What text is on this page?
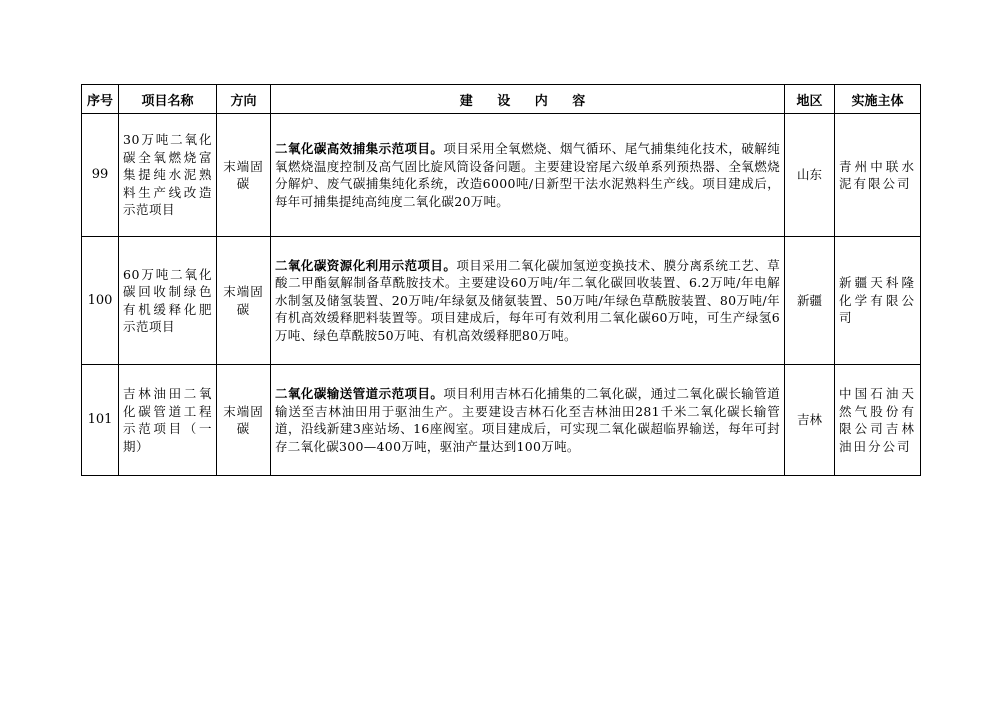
序号	项目名称	方向	建 设 内 容	地区	实施主体
99	30万吨二氧化碳全氧燃烧富集提纯水泥熟料生产线改造示范项目	末端固碳	二氧化碳高效捕集示范项目。项目采用全氧燃烧、烟气循环、尾气捕集纯化技术，破解纯氧燃烧温度控制及高气固比旋风筒设备问题。主要建设窑尾六级单系列预热器、全氧燃烧分解炉、废气碳捕集纯化系统，改造6000吨/日新型干法水泥熟料生产线。项目建成后，每年可捕集提纯高纯度二氧化碳20万吨。	山东	青州中联水泥有限公司
100	60万吨二氧化碳回收制绿色有机缓释化肥示范项目	末端固碳	二氧化碳资源化利用示范项目。项目采用二氧化碳加氢逆变换技术、膜分离系统工艺、草酸二甲酯氨解制备草酰胺技术。主要建设60万吨/年二氧化碳回收装置、6.2万吨/年电解水制氢及储氢装置、20万吨/年绿氨及储氨装置、50万吨/年绿色草酰胺装置、80万吨/年有机高效缓释肥料装置等。项目建成后，每年可有效利用二氧化碳60万吨，可生产绿氢6万吨、绿色草酰胺50万吨、有机高效缓释肥80万吨。	新疆	新疆天科隆化学有限公司
101	吉林油田二氧化碳管道工程示范项目（一期）	末端固碳	二氧化碳输送管道示范项目。项目利用吉林石化捕集的二氧化碳，通过二氧化碳长输管道输送至吉林油田用于驱油生产。主要建设吉林石化至吉林油田281千米二氧化碳长输管道，沿线新建3座站场、16座阀室。项目建成后，可实现二氧化碳超临界输送，每年可封存二氧化碳300—400万吨，驱油产量达到100万吨。	吉林	中国石油天然气股份有限公司吉林油田分公司
